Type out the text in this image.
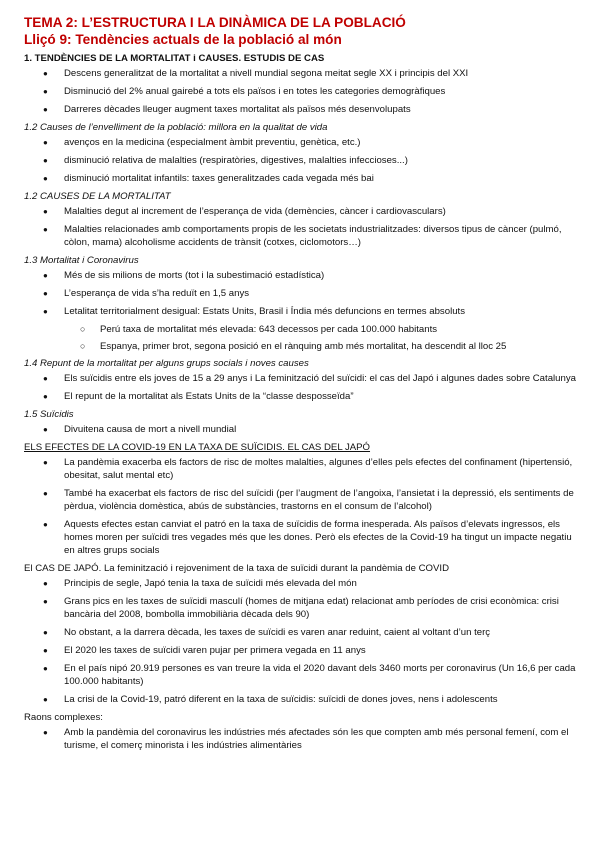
TEMA 2: L’ESTRUCTURA I LA DINÀMICA DE LA POBLACIÓ
Lliçó 9: Tendències actuals de la població al món
1. TENDÈNCIES DE LA MORTALITAT i CAUSES. ESTUDIS DE CAS
● Descens generalitzat de la mortalitat a nivell mundial segona meitat segle XX i principis del XXI
● Disminució del 2% anual gairebé a tots els països i en totes les categories demogràfiques
● Darreres dècades lleuger augment taxes mortalitat als països més desenvolupats
1.2 Causes de l’envelliment de la població: millora en la qualitat de vida
● avenços en la medicina (especialment àmbit preventiu, genètica, etc.)
● disminució relativa de malalties (respiratòries, digestives, malalties infeccioses...)
● disminució mortalitat infantils: taxes generalitzades cada vegada més bai
1.2 CAUSES DE LA MORTALITAT
● Malalties degut al increment de l’esperança de vida (demències, càncer i cardiovasculars)
● Malalties relacionades amb comportaments propis de les societats industrialitzades: diversos tipus de càncer (pulmó, còlon, mama) alcoholisme accidents de trànsit (cotxes, ciclomotors…)
1.3 Mortalitat i Coronavirus
● Més de sis milions de morts (tot i la subestimació estadística)
● L’esperança de vida s’ha reduït en 1,5 anys
● Letalitat territorialment desigual: Estats Units, Brasil i Índia més defuncions en termes absoluts
○ Perú taxa de mortalitat més elevada: 643 decessos per cada 100.000 habitants
○ Espanya, primer brot, segona posició en el rànquing amb més mortalitat, ha descendit al lloc 25
1.4 Repunt de la mortalitat per alguns grups socials i noves causes
● Els suïcidis entre els joves de 15 a 29 anys i La feminització del suïcidi: el cas del Japó i algunes dades sobre Catalunya
● El repunt de la mortalitat als Estats Units de la “classe desposseïda”
1.5 Suïcidis
● Divuitena causa de mort a nivell mundial
ELS EFECTES DE LA COVID-19 EN LA TAXA DE SUÏCIDIS. EL CAS DEL JAPÓ
● La pandèmia exacerba els factors de risc de moltes malalties, algunes d’elles pels efectes del confinament (hipertensió, obesitat, salut mental etc)
● També ha exacerbat els factors de risc del suïcidi (per l’augment de l’angoixa, l’ansietat i la depressió, els sentiments de pèrdua, violència domèstica, abús de substàncies, trastorns en el consum de l’alcohol)
● Aquests efectes estan canviat el patró en la taxa de suïcidis de forma inesperada. Als països d’elevats ingressos, els homes moren per suïcidi tres vegades més que les dones. Però els efectes de la Covid-19 ha tingut un impacte negatiu en altres grups socials
El CAS DE JAPÓ. La feminització i rejoveniment de la taxa de suïcidi durant la pandèmia de COVID
● Principis de segle, Japó tenia la taxa de suïcidi més elevada del món
● Grans pics en les taxes de suïcidi masculí (homes de mitjana edat) relacionat amb períodes de crisi econòmica: crisi bancària del 2008, bombolla immobiliària dècada dels 90)
● No obstant, a la darrera dècada, les taxes de suïcidi es varen anar reduint, caient al voltant d’un terç
● El 2020 les taxes de suïcidi varen pujar per primera vegada en 11 anys
● En el país nipó 20.919 persones es van treure la vida el 2020 davant dels 3460 morts per coronavirus (Un 16,6 per cada 100.000 habitants)
● La crisi de la Covid-19, patró diferent en la taxa de suïcidis: suïcidi de dones joves, nens i adolescents
Raons complexes:
● Amb la pandèmia del coronavirus les indústries més afectades són les que compten amb més personal femení, com el turisme, el comerç minorista i les indústries alimentàries
